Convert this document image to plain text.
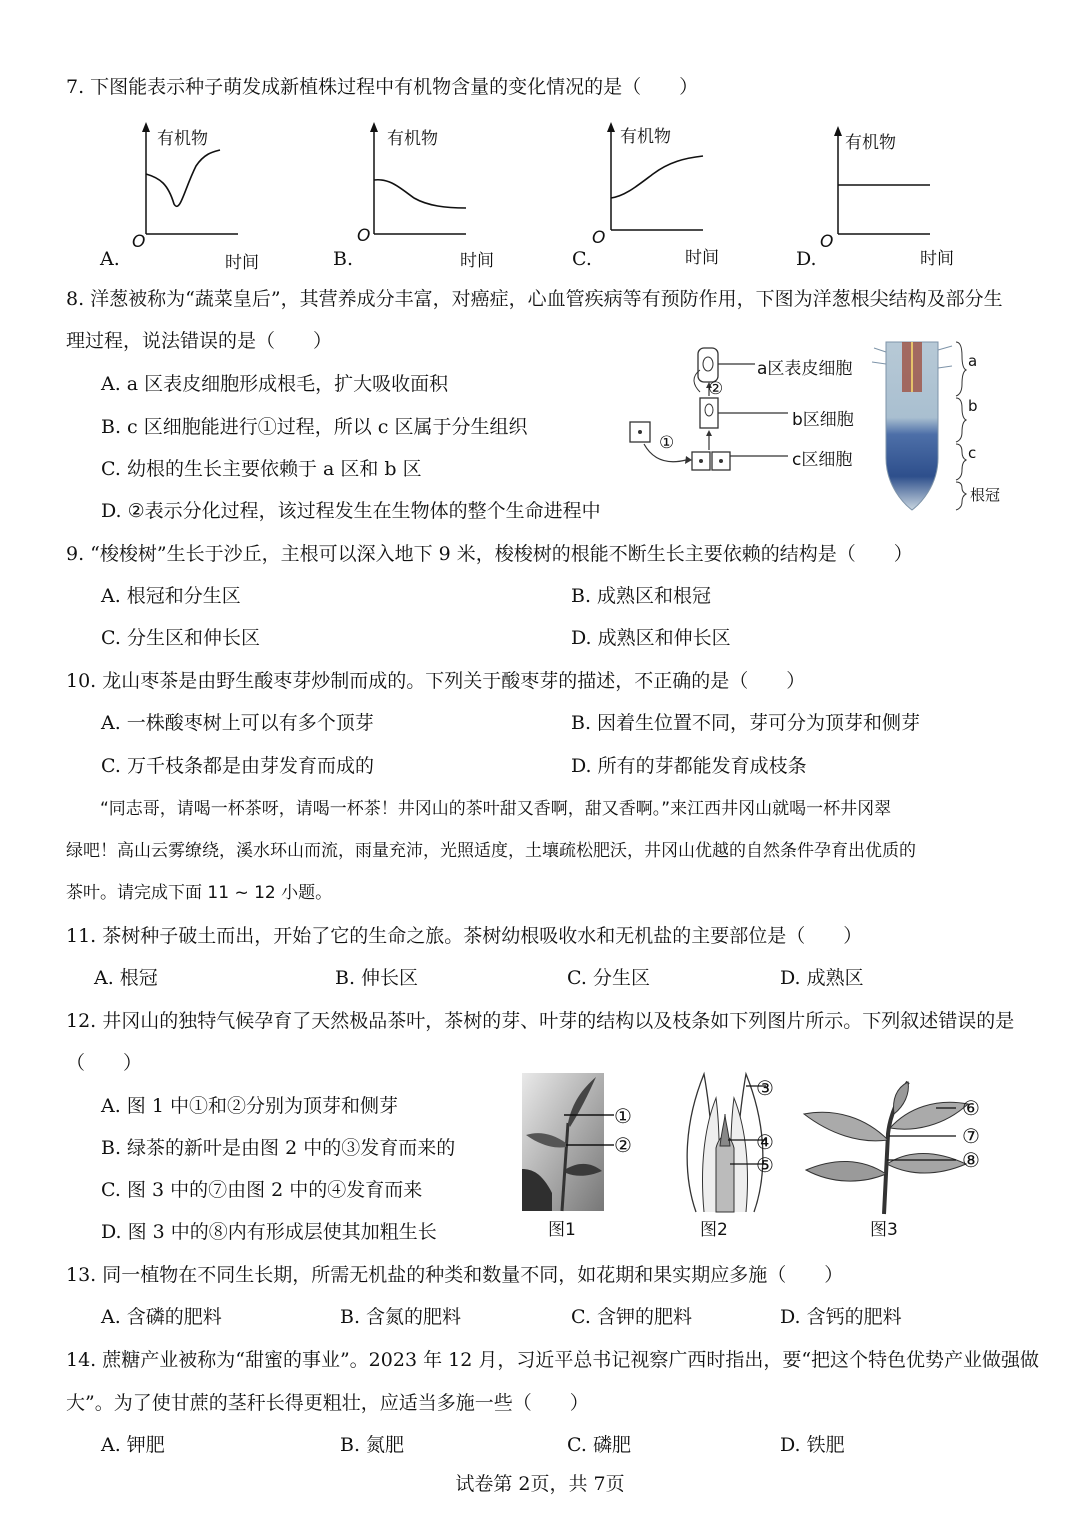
7. 下图能表示种子萌发成新植株过程中有机物含量的变化情况的是（　　）
有机物
O
时间
A.
有机物
O
时间
B.
有机物
O
时间
C.
有机物
O
时间
D.
8. 洋葱被称为“蔬菜皇后”，其营养成分丰富，对癌症，心血管疾病等有预防作用，下图为洋葱根尖结构及部分生
理过程，说法错误的是（　　）
A. a 区表皮细胞形成根毛，扩大吸收面积
B. c 区细胞能进行①过程，所以 c 区属于分生组织
C. 幼根的生长主要依赖于 a 区和 b 区
D. ②表示分化过程，该过程发生在生物体的整个生命进程中
②
①
a区表皮细胞
b区细胞
c区细胞
a
b
c
根冠
9. “梭梭树”生长于沙丘，主根可以深入地下 9 米，梭梭树的根能不断生长主要依赖的结构是（　　）
A. 根冠和分生区	B. 成熟区和根冠
C. 分生区和伸长区	D. 成熟区和伸长区
10. 龙山枣茶是由野生酸枣芽炒制而成的。下列关于酸枣芽的描述，不正确的是（　　）
A. 一株酸枣树上可以有多个顶芽	B. 因着生位置不同，芽可分为顶芽和侧芽
C. 万千枝条都是由芽发育而成的	D. 所有的芽都能发育成枝条
“同志哥，请喝一杯茶呀，请喝一杯茶！井冈山的茶叶甜又香啊，甜又香啊。”来江西井冈山就喝一杯井冈翠
绿吧！高山云雾缭绕，溪水环山而流，雨量充沛，光照适度，土壤疏松肥沃，井冈山优越的自然条件孕育出优质的
茶叶。请完成下面 11 ~ 12 小题。
11. 茶树种子破土而出，开始了它的生命之旅。茶树幼根吸收水和无机盐的主要部位是（　　）
A. 根冠	B. 伸长区	C. 分生区	D. 成熟区
12. 井冈山的独特气候孕育了天然极品茶叶，茶树的芽、叶芽的结构以及枝条如下列图片所示。下列叙述错误的是
（　　）
A. 图 1 中①和②分别为顶芽和侧芽
B. 绿茶的新叶是由图 2 中的③发育而来的
C. 图 3 中的⑦由图 2 中的④发育而来
D. 图 3 中的⑧内有形成层使其加粗生长
①
②
图1
③
④
⑤
图2
⑥
⑦
⑧
图3
13. 同一植物在不同生长期，所需无机盐的种类和数量不同，如花期和果实期应多施（　　）
A. 含磷的肥料	B. 含氮的肥料	C. 含钾的肥料	D. 含钙的肥料
14. 蔗糖产业被称为“甜蜜的事业”。2023 年 12 月，习近平总书记视察广西时指出，要“把这个特色优势产业做强做
大”。为了使甘蔗的茎秆长得更粗壮，应适当多施一些（　　）
A. 钾肥	B. 氮肥	C. 磷肥	D. 铁肥
试卷第 2页，共 7页
